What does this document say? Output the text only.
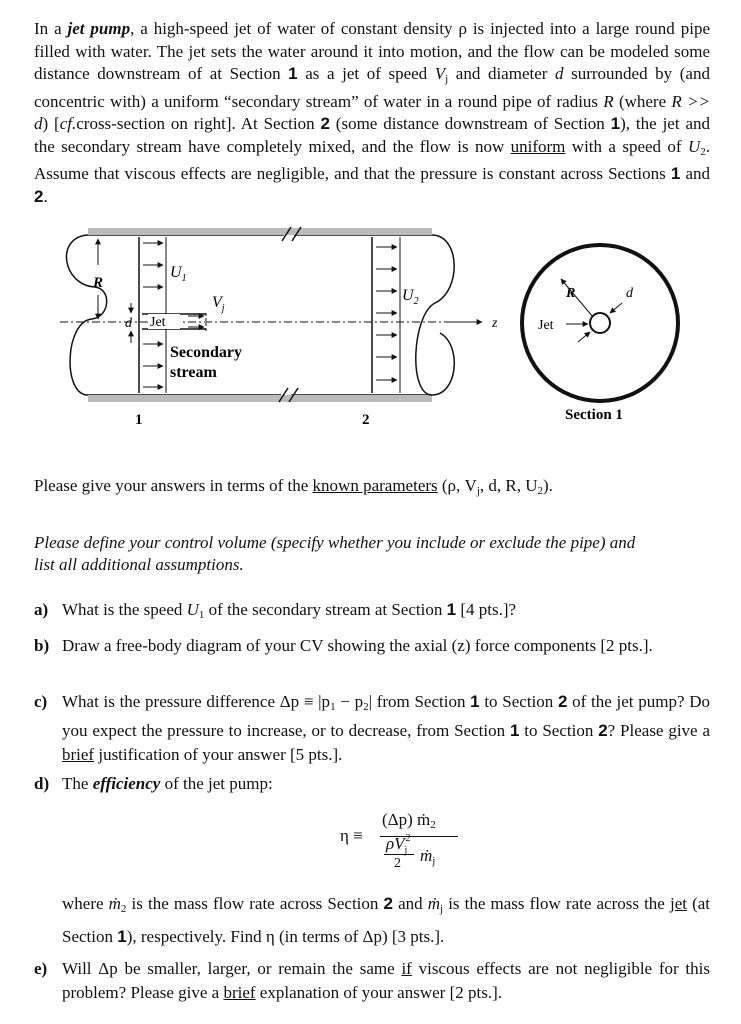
In a jet pump, a high-speed jet of water of constant density ρ is injected into a large round pipe filled with water. The jet sets the water around it into motion, and the flow can be modeled some distance downstream of at Section 1 as a jet of speed $V_j$ and diameter d surrounded by (and concentric with) a uniform “secondary stream” of water in a round pipe of radius R (where R >> d) [cf.cross-section on right]. At Section 2 (some distance downstream of Section 1), the jet and the secondary stream have completely mixed, and the flow is now uniform with a speed of $U_2$. Assume that viscous effects are negligible, and that the pressure is constant across Sections 1 and 2.
R
d
$U_1$
$V_j$
Jet
Secondary
stream
$U_2$
z
1	2
R	d
Jet
Section 1
Please give your answers in terms of the known parameters (ρ, $V_j$, d, R, $U_2$).
Please define your control volume (specify whether you include or exclude the pipe) and
list all additional assumptions.
a) What is the speed $U_1$ of the secondary stream at Section 1 [4 pts.]?
b) Draw a free-body diagram of your CV showing the axial (z) force components [2 pts.].
c) What is the pressure difference $\Delta p \equiv |p_1 - p_2|$ from Section 1 to Section 2 of the jet pump? Do you expect the pressure to increase, or to decrease, from Section 1 to Section 2? Please give a brief justification of your answer [5 pts.].
d) The efficiency of the jet pump:
η ≡
(Δp) ṁ$_2$
$\rho V^2_j$
2 ṁ$_j$
where ṁ$_2$ is the mass flow rate across Section 2 and ṁ$_j$ is the mass flow rate across the jet (at Section 1), respectively. Find η (in terms of Δp) [3 pts.].
e) Will Δp be smaller, larger, or remain the same if viscous effects are not negligible for this problem? Please give a brief explanation of your answer [2 pts.].
